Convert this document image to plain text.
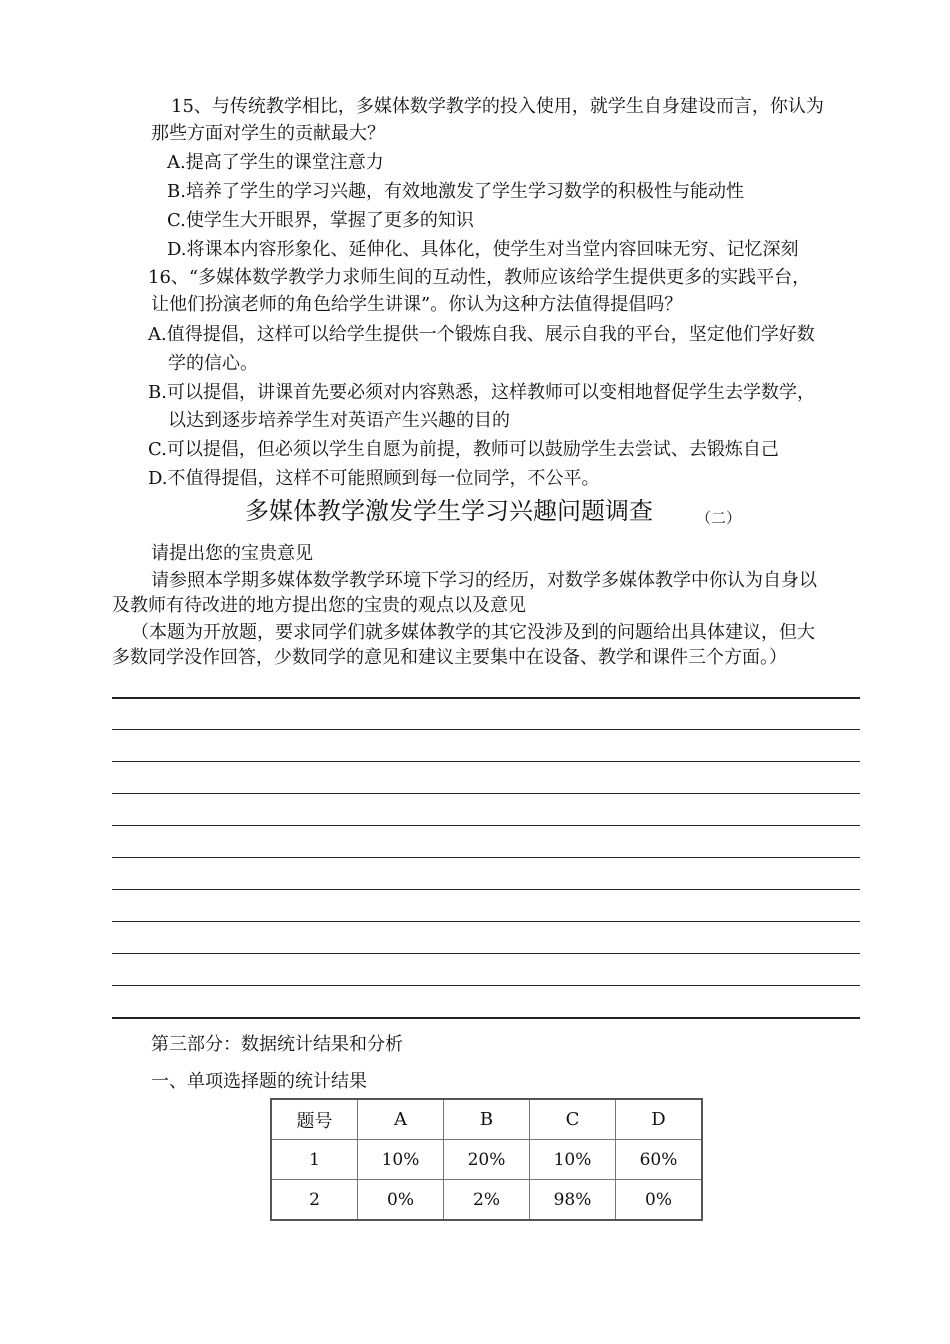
15、与传统教学相比，多媒体数学教学的投入使用，就学生自身建设而言，你认为
那些方面对学生的贡献最大？
A.提高了学生的课堂注意力
B.培养了学生的学习兴趣，有效地激发了学生学习数学的积极性与能动性
C.使学生大开眼界，掌握了更多的知识
D.将课本内容形象化、延伸化、具体化，使学生对当堂内容回味无穷、记忆深刻
16、“多媒体数学教学力求师生间的互动性，教师应该给学生提供更多的实践平台，
让他们扮演老师的角色给学生讲课”。你认为这种方法值得提倡吗？
A.值得提倡，这样可以给学生提供一个锻炼自我、展示自我的平台，坚定他们学好数
学的信心。
B.可以提倡，讲课首先要必须对内容熟悉，这样教师可以变相地督促学生去学数学，
以达到逐步培养学生对英语产生兴趣的目的
C.可以提倡，但必须以学生自愿为前提，教师可以鼓励学生去尝试、去锻炼自己
D.不值得提倡，这样不可能照顾到每一位同学，不公平。
多媒体教学激发学生学习兴趣问题调查	（二）
请提出您的宝贵意见
请参照本学期多媒体数学教学环境下学习的经历，对数学多媒体教学中你认为自身以
及教师有待改进的地方提出您的宝贵的观点以及意见
（本题为开放题，要求同学们就多媒体教学的其它没涉及到的问题给出具体建议，但大
多数同学没作回答，少数同学的意见和建议主要集中在设备、教学和课件三个方面。）
第三部分：数据统计结果和分析
一、单项选择题的统计结果
题号	A	B	C	D
1	10%	20%	10%	60%
2	0%	2%	98%	0%
